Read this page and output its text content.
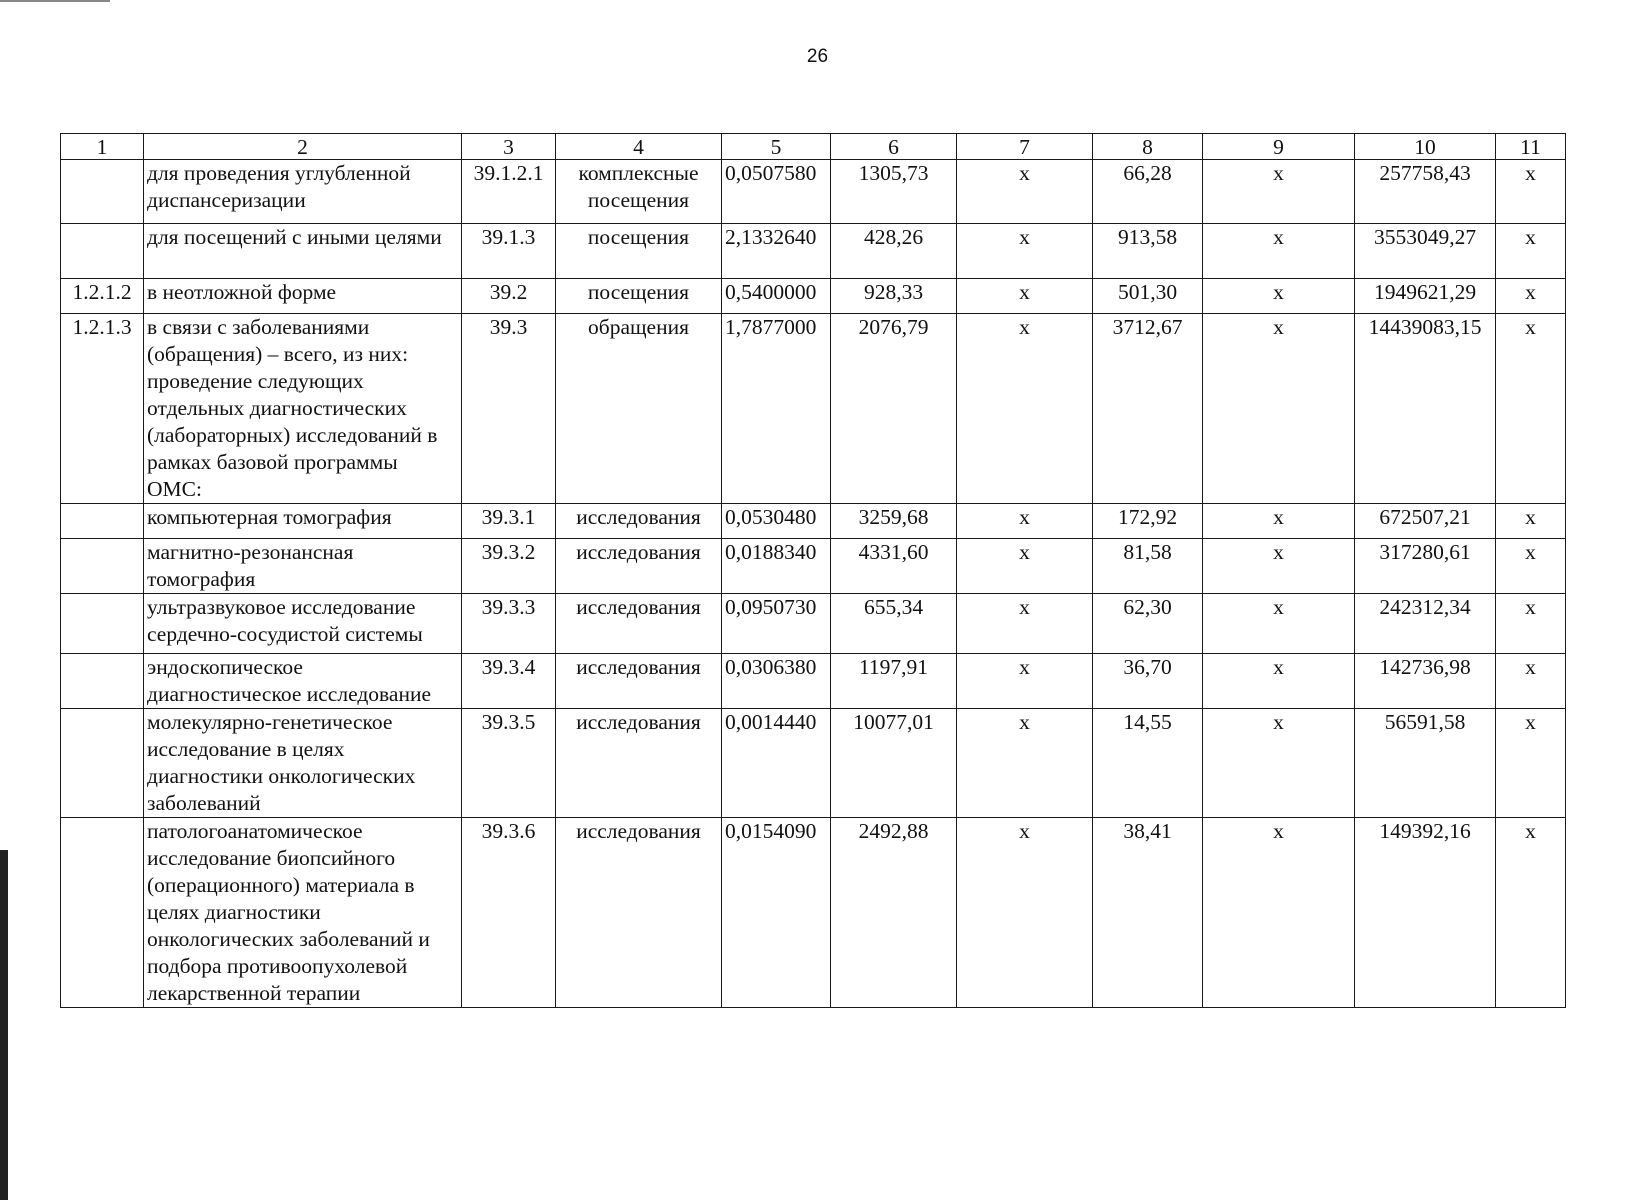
26
1	2	3	4	5	6	7	8	9	10	11
	для проведения углубленной диспансеризации	39.1.2.1	комплексные посещения	0,0507580	1305,73	х	66,28	х	257758,43	х
	для посещений с иными целями	39.1.3	посещения	2,1332640	428,26	х	913,58	х	3553049,27	х
1.2.1.2	в неотложной форме	39.2	посещения	0,5400000	928,33	х	501,30	х	1949621,29	х
1.2.1.3	в связи с заболеваниями (обращения) – всего, из них: проведение следующих отдельных диагностических (лабораторных) исследований в рамках базовой программы ОМС:	39.3	обращения	1,7877000	2076,79	х	3712,67	х	14439083,15	х
	компьютерная томография	39.3.1	исследования	0,0530480	3259,68	х	172,92	х	672507,21	х
	магнитно-резонансная томография	39.3.2	исследования	0,0188340	4331,60	х	81,58	х	317280,61	х
	ультразвуковое исследование сердечно-сосудистой системы	39.3.3	исследования	0,0950730	655,34	х	62,30	х	242312,34	х
	эндоскопическое диагностическое исследование	39.3.4	исследования	0,0306380	1197,91	х	36,70	х	142736,98	х
	молекулярно-генетическое исследование в целях диагностики онкологических заболеваний	39.3.5	исследования	0,0014440	10077,01	х	14,55	х	56591,58	х
	патологоанатомическое исследование биопсийного (операционного) материала в целях диагностики онкологических заболеваний и подбора противоопухолевой лекарственной терапии	39.3.6	исследования	0,0154090	2492,88	х	38,41	х	149392,16	х
